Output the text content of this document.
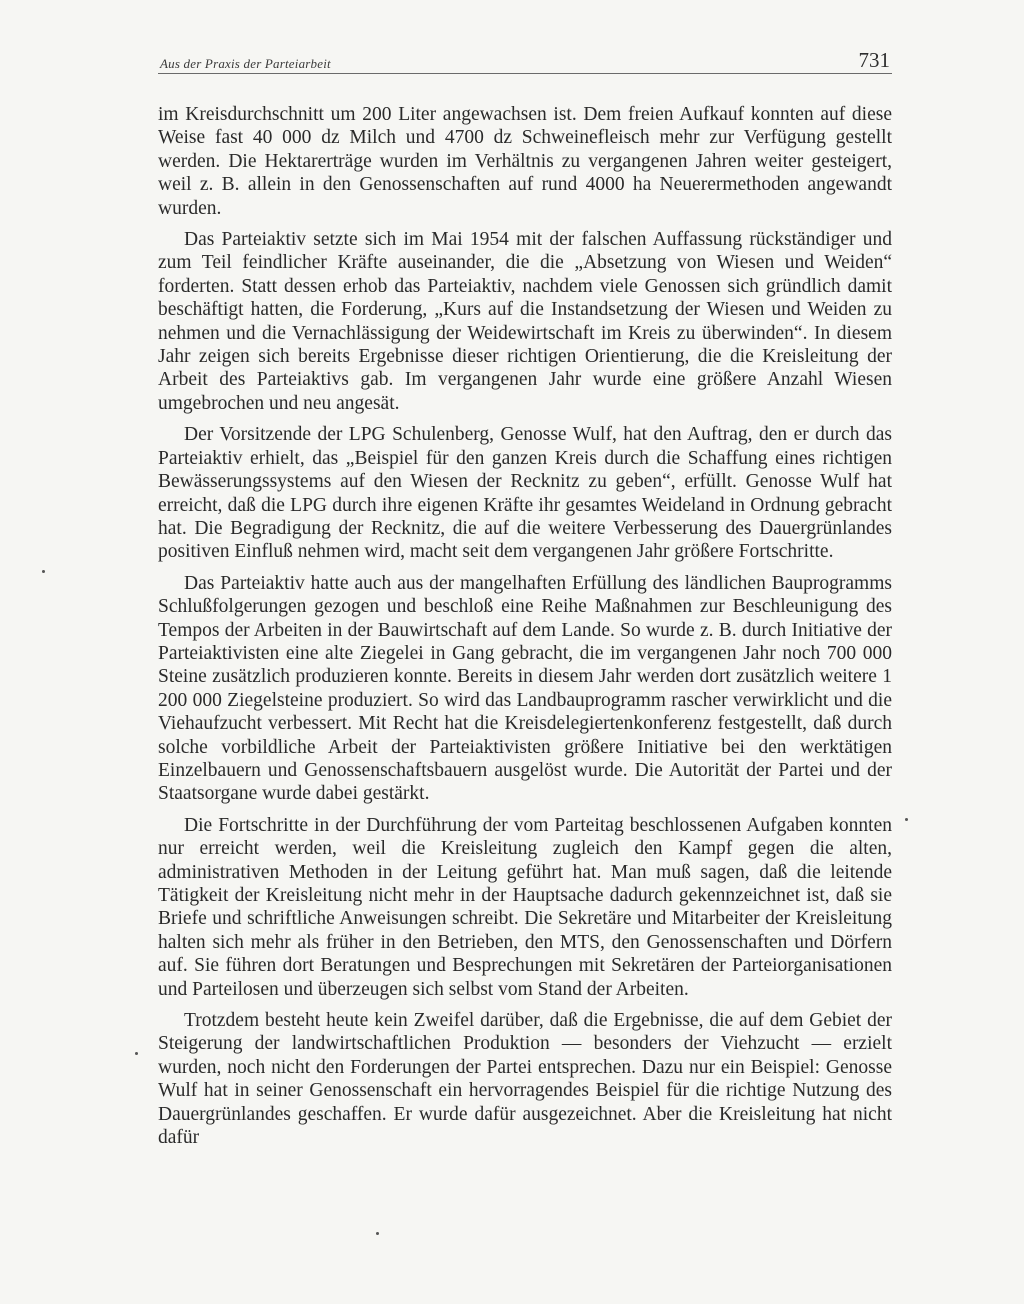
Aus der Praxis der Parteiarbeit	731

im Kreisdurchschnitt um 200 Liter angewachsen ist. Dem freien Aufkauf konnten auf diese Weise fast 40 000 dz Milch und 4700 dz Schweinefleisch mehr zur Verfügung gestellt werden. Die Hektarerträge wurden im Verhältnis zu vergangenen Jahren weiter gesteigert, weil z. B. allein in den Genossenschaften auf rund 4000 ha Neuerermethoden angewandt wurden.

Das Parteiaktiv setzte sich im Mai 1954 mit der falschen Auffassung rückständiger und zum Teil feindlicher Kräfte auseinander, die die „Absetzung von Wiesen und Weiden“ forderten. Statt dessen erhob das Parteiaktiv, nachdem viele Genossen sich gründlich damit beschäftigt hatten, die Forderung, „Kurs auf die Instandsetzung der Wiesen und Weiden zu nehmen und die Vernachlässigung der Weidewirtschaft im Kreis zu überwinden“. In diesem Jahr zeigen sich bereits Ergebnisse dieser richtigen Orientierung, die die Kreisleitung der Arbeit des Parteiaktivs gab. Im vergangenen Jahr wurde eine größere Anzahl Wiesen umgebrochen und neu angesät.

Der Vorsitzende der LPG Schulenberg, Genosse Wulf, hat den Auftrag, den er durch das Parteiaktiv erhielt, das „Beispiel für den ganzen Kreis durch die Schaffung eines richtigen Bewässerungssystems auf den Wiesen der Recknitz zu geben“, erfüllt. Genosse Wulf hat erreicht, daß die LPG durch ihre eigenen Kräfte ihr gesamtes Weideland in Ordnung gebracht hat. Die Begradigung der Recknitz, die auf die weitere Verbesserung des Dauergrünlandes positiven Einfluß nehmen wird, macht seit dem vergangenen Jahr größere Fortschritte.

Das Parteiaktiv hatte auch aus der mangelhaften Erfüllung des ländlichen Bauprogramms Schlußfolgerungen gezogen und beschloß eine Reihe Maßnahmen zur Beschleunigung des Tempos der Arbeiten in der Bauwirtschaft auf dem Lande. So wurde z. B. durch Initiative der Parteiaktivisten eine alte Ziegelei in Gang gebracht, die im vergangenen Jahr noch 700 000 Steine zusätzlich produzieren konnte. Bereits in diesem Jahr werden dort zusätzlich weitere 1 200 000 Ziegelsteine produziert. So wird das Landbauprogramm rascher verwirklicht und die Viehaufzucht verbessert. Mit Recht hat die Kreisdelegiertenkonferenz festgestellt, daß durch solche vorbildliche Arbeit der Parteiaktivisten größere Initiative bei den werktätigen Einzelbauern und Genossenschaftsbauern ausgelöst wurde. Die Autorität der Partei und der Staatsorgane wurde dabei gestärkt.

Die Fortschritte in der Durchführung der vom Parteitag beschlossenen Aufgaben konnten nur erreicht werden, weil die Kreisleitung zugleich den Kampf gegen die alten, administrativen Methoden in der Leitung geführt hat. Man muß sagen, daß die leitende Tätigkeit der Kreisleitung nicht mehr in der Hauptsache dadurch gekennzeichnet ist, daß sie Briefe und schriftliche Anweisungen schreibt. Die Sekretäre und Mitarbeiter der Kreisleitung halten sich mehr als früher in den Betrieben, den MTS, den Genossenschaften und Dörfern auf. Sie führen dort Beratungen und Besprechungen mit Sekretären der Parteiorganisationen und Parteilosen und überzeugen sich selbst vom Stand der Arbeiten.

Trotzdem besteht heute kein Zweifel darüber, daß die Ergebnisse, die auf dem Gebiet der Steigerung der landwirtschaftlichen Produktion — besonders der Viehzucht — erzielt wurden, noch nicht den Forderungen der Partei entsprechen. Dazu nur ein Beispiel: Genosse Wulf hat in seiner Genossenschaft ein hervorragendes Beispiel für die richtige Nutzung des Dauergrünlandes geschaffen. Er wurde dafür ausgezeichnet. Aber die Kreisleitung hat nicht dafür
